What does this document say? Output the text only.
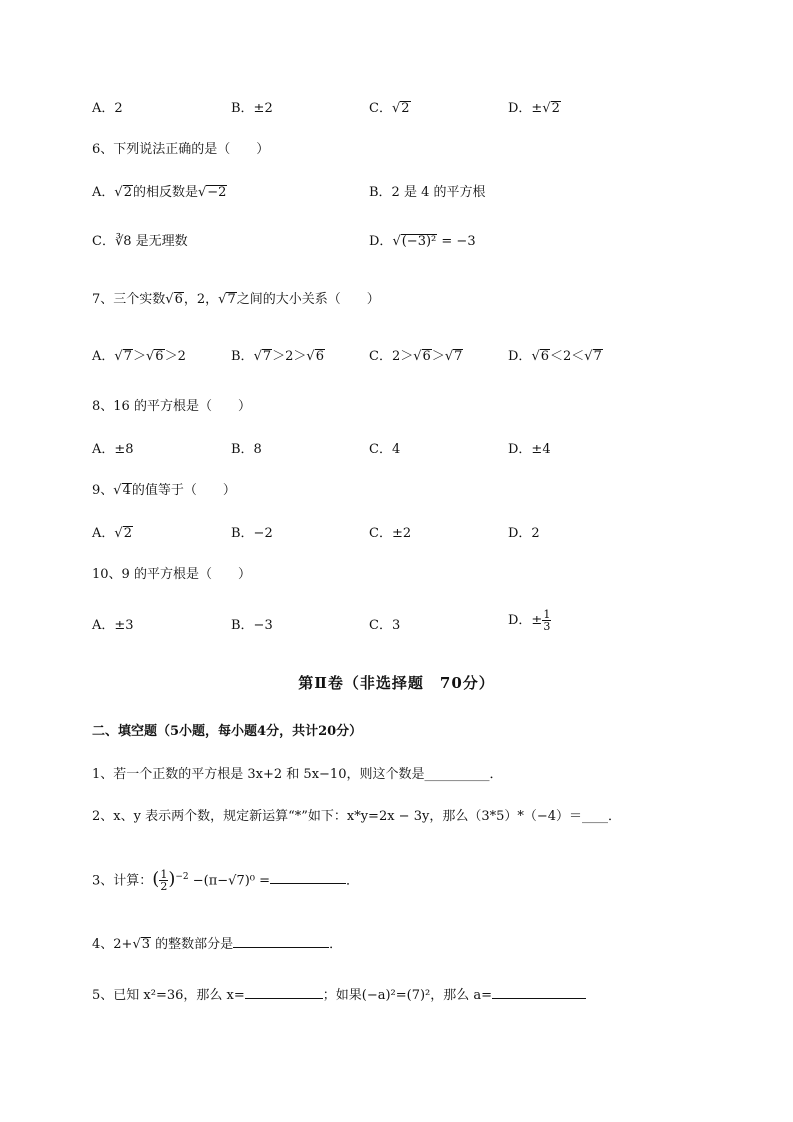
A．2	B．±2	C．√2	D．±√2
6、下列说法正确的是（　　）
A．√2的相反数是√−2	B．2 是 4 的平方根
C．∛8 是无理数	D．√(−3)² = −3
7、三个实数√6，2，√7之间的大小关系（　　）
A．√7＞√6＞2	B．√7＞2＞√6	C．2＞√6＞√7	D．√6＜2＜√7
8、16 的平方根是（　　）
A．±8	B．8	C．4	D．±4
9、√4的值等于（　　）
A．√2	B．−2	C．±2	D．2
10、9 的平方根是（　　）
A．±3	B．−3	C．3	D．± $\frac{1}{3}$
第Ⅱ卷（非选择题　70分）
二、填空题（5小题，每小题4分，共计20分）
1、若一个正数的平方根是 3x+2 和 5x−10，则这个数是__________．
2、x、y 表示两个数，规定新运算“*”如下：x*y=2x − 3y，那么（3*5）*（−4）＝____．
3、计算：( $\frac{1}{2} )^{-2} -(\pi-√7)^0$ =	．
4、2+√3 的整数部分是	．
5、已知 x²=36，那么 x=	；如果(−a)²=(7)²，那么 a=
